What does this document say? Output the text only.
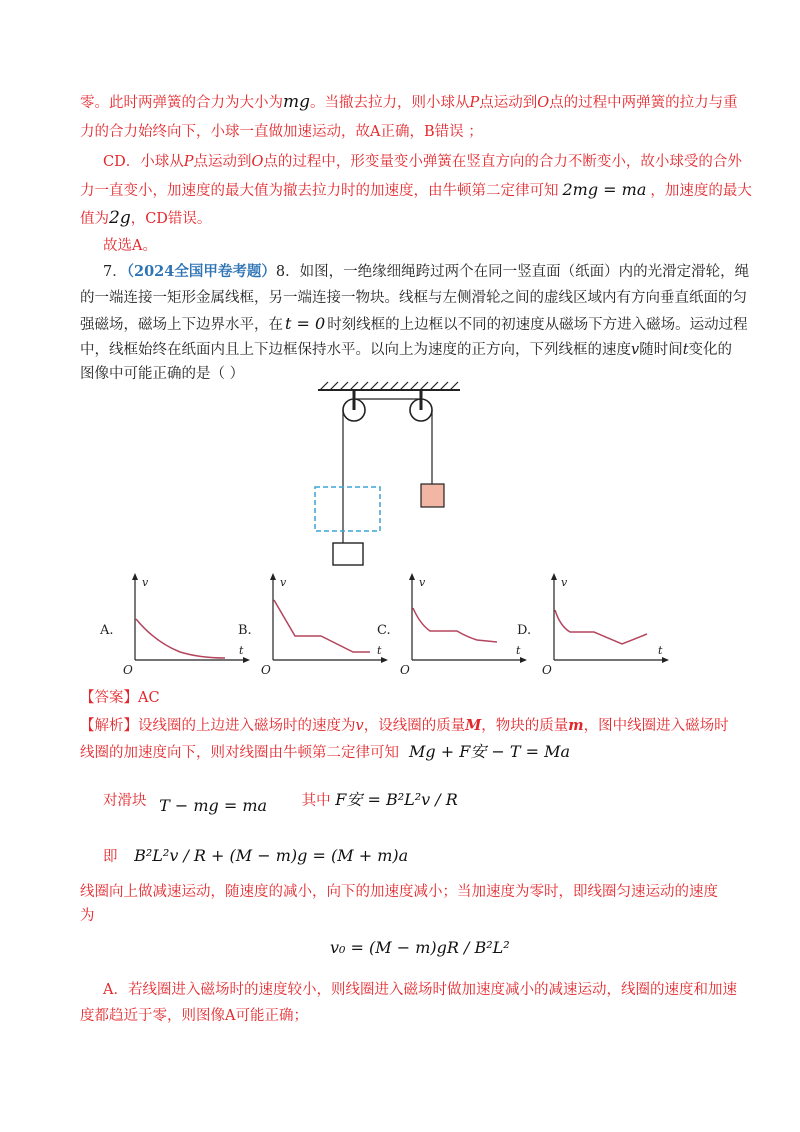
零。此时两弹簧的合力为大小为mg。当撤去拉力，则小球从P点运动到O点的过程中两弹簧的拉力与重
力的合力始终向下，小球一直做加速运动，故A正确，B错误 ；
CD．小球从P点运动到O点的过程中，形变量变小弹簧在竖直方向的合力不断变小，故小球受的合外
力一直变小，加速度的最大值为撤去拉力时的加速度，由牛顿第二定律可知 2mg = ma ，加速度的最大
值为2g，CD错误。
故选A。
7．（2024全国甲卷考题）8．如图，一绝缘细绳跨过两个在同一竖直面（纸面）内的光滑定滑轮，绳
的一端连接一矩形金属线框，另一端连接一物块。线框与左侧滑轮之间的虚线区域内有方向垂直纸面的匀
强磁场，磁场上下边界水平，在 t = 0 时刻线框的上边框以不同的初速度从磁场下方进入磁场。运动过程
中，线框始终在纸面内且上下边框保持水平。以向上为速度的正方向，下列线框的速度v随时间t变化的
图像中可能正确的是（ ）
A.
v
t
O
B.
v
t
O
C.
v
t
O
D.
v
t
O
【答案】AC
【解析】设线圈的上边进入磁场时的速度为v，设线圈的质量M，物块的质量m，图中线圈进入磁场时
线圈的加速度向下，则对线圈由牛顿第二定律可知 Mg + F安 − T = Ma
对滑块 T − mg = ma 其中 F安 = B²L²v / R
即 B²L²v / R + (M − m)g = (M + m)a
线圈向上做减速运动，随速度的减小，向下的加速度减小；当加速度为零时，即线圈匀速运动的速度
为
v₀ = (M − m)gR / B²L²
A．若线圈进入磁场时的速度较小，则线圈进入磁场时做加速度减小的减速运动，线圈的速度和加速
度都趋近于零，则图像A可能正确；
